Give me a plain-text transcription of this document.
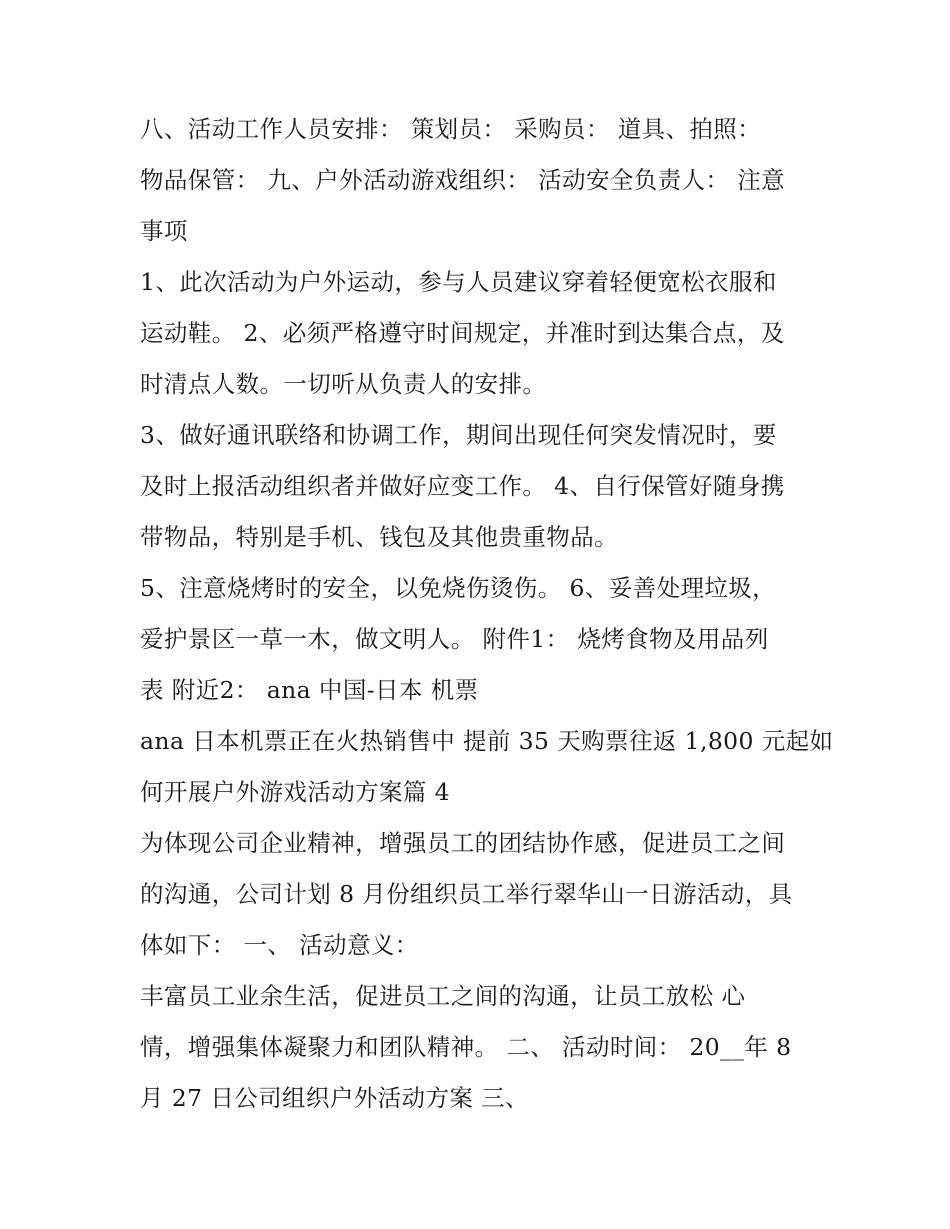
八、活动工作人员安排： 策划员： 采购员： 道具、拍照：
物品保管： 九、户外活动游戏组织： 活动安全负责人： 注意
事项
1、此次活动为户外运动，参与人员建议穿着轻便宽松衣服和
运动鞋。 2、必须严格遵守时间规定，并准时到达集合点，及
时清点人数。一切听从负责人的安排。
3、做好通讯联络和协调工作，期间出现任何突发情况时，要
及时上报活动组织者并做好应变工作。 4、自行保管好随身携
带物品，特别是手机、钱包及其他贵重物品。
5、注意烧烤时的安全，以免烧伤烫伤。 6、妥善处理垃圾，
爱护景区一草一木，做文明人。 附件1： 烧烤食物及用品列
表 附近2： ana 中国-日本 机票
ana 日本机票正在火热销售中 提前 35 天购票往返 1,800 元起如
何开展户外游戏活动方案篇 4
为体现公司企业精神，增强员工的团结协作感，促进员工之间
的沟通，公司计划 8 月份组织员工举行翠华山一日游活动，具
体如下： 一、 活动意义：
丰富员工业余生活，促进员工之间的沟通，让员工放松 心
情，增强集体凝聚力和团队精神。 二、 活动时间： 20__年 8
月 27 日公司组织户外活动方案 三、
